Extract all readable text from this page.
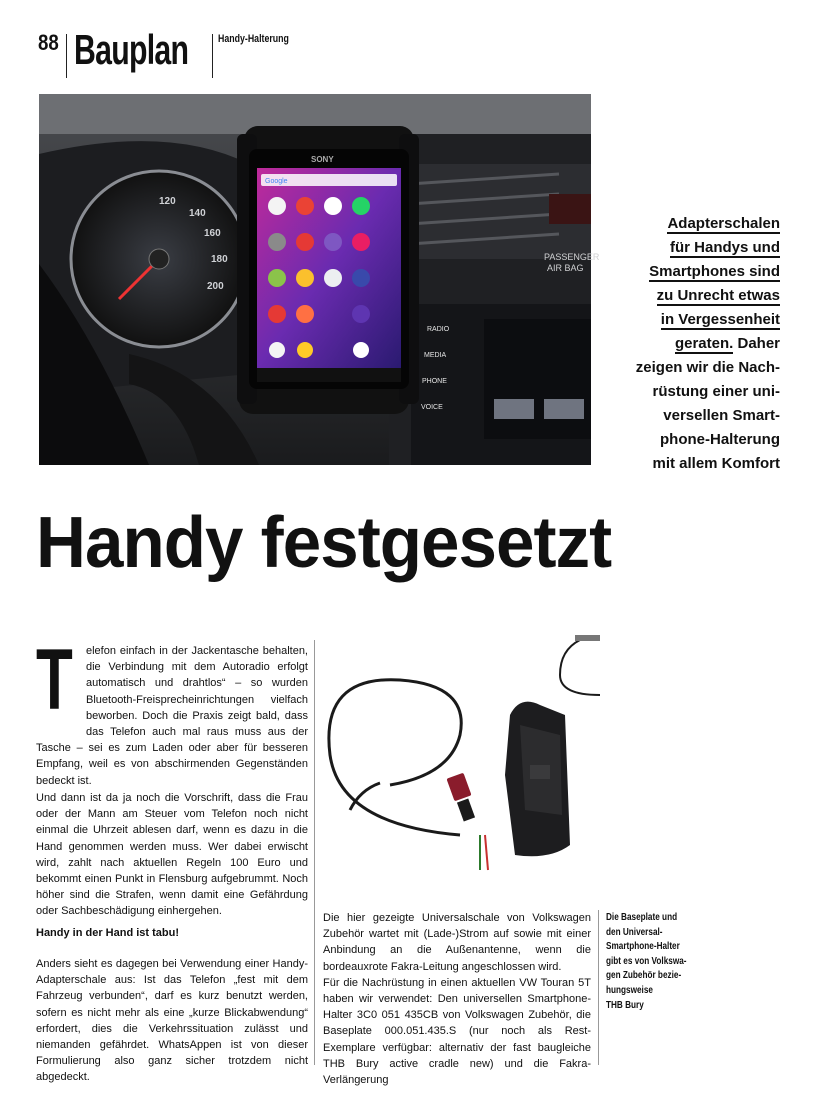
88 Bauplan	Handy-Halterung
PASSENGER
AIR BAG
RADIO
MEDIA
PHONE
VOICE
120
140
160
180
200
SONY
Google
Adapterschalen
für Handys und
Smartphones sind
zu Unrecht etwas
in Vergessenheit
geraten. Daher
zeigen wir die Nach-
rüstung einer uni-
versellen Smart-
phone-Halterung
mit allem Komfort
Handy festgesetzt
T	elefon einfach in der Jackentasche behalten, die Verbindung mit dem Autoradio erfolgt automatisch und drahtlos“ – so wurden Bluetooth-Freisprecheinrichtungen vielfach beworben. Doch die Praxis zeigt bald, dass das Telefon auch mal raus muss aus der Tasche – sei es zum Laden oder aber für besseren Empfang, weil es von abschirmenden Gegenständen bedeckt ist.
Und dann ist da ja noch die Vorschrift, dass die Frau oder der Mann am Steuer vom Telefon noch nicht einmal die Uhrzeit ablesen darf, wenn es dazu in die Hand genommen werden muss. Wer dabei erwischt wird, zahlt nach aktuellen Regeln 100 Euro und bekommt einen Punkt in Flensburg aufgebrummt. Noch höher sind die Strafen, wenn damit eine Gefährdung oder Sachbeschädigung einhergehen.
Handy in der Hand ist tabu!
Anders sieht es dagegen bei Verwendung einer Handy-Adapterschale aus: Ist das Telefon „fest mit dem Fahrzeug verbunden“, darf es kurz benutzt werden, sofern es nicht mehr als eine „kurze Blickabwendung“ erfordert, dies die Verkehrssituation zulässt und niemanden gefährdet. WhatsAppen ist von dieser Formulierung also ganz sicher trotzdem nicht abgedeckt.
Die hier gezeigte Universalschale von Volkswagen Zubehör wartet mit (Lade-)Strom auf sowie mit einer Anbindung an die Außenantenne, wenn die bordeauxrote Fakra-Leitung angeschlossen wird.
Für die Nachrüstung in einen aktuellen VW Touran 5T haben wir verwendet: Den universellen Smartphone-Halter 3C0 051 435CB von Volkswagen Zubehör, die Baseplate 000.051.435.S (nur noch als Rest-Exemplare verfügbar: alternativ der fast baugleiche THB Bury active cradle new) und die Fakra-Verlängerung
Die Baseplate und
den Universal-
Smartphone-Halter
gibt es von Volkswa-
gen Zubehör bezie-
hungsweise
THB Bury
